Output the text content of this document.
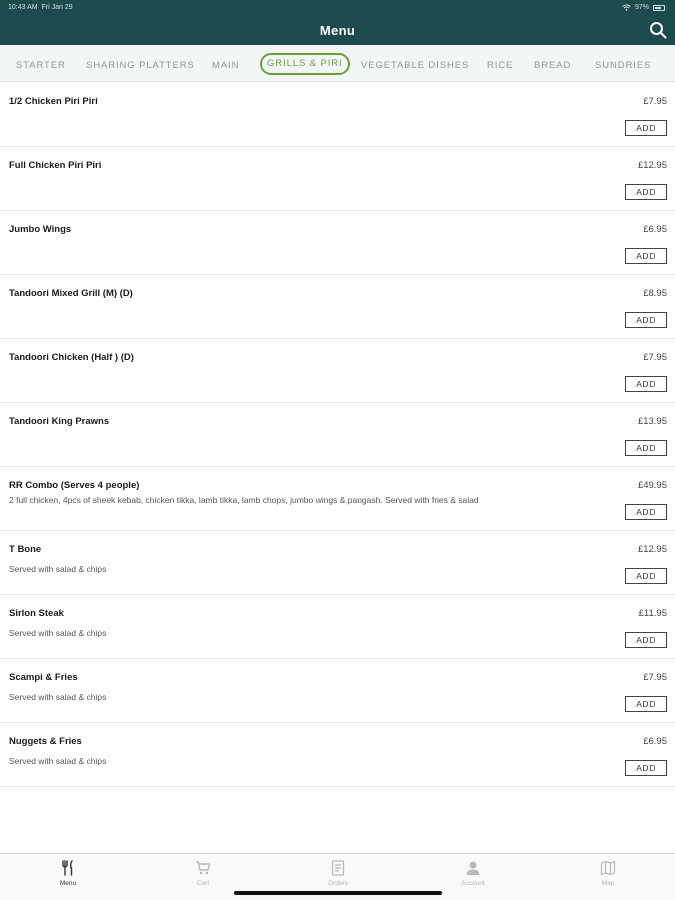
10:43 AM Fri Jan 29	97%
Menu
STARTER SHARING PLATTERS MAIN	VEGETABLE DISHES RICE BREAD	SUNDRIES
GRILLS & PIRI
1/2 Chicken Piri Piri	£7.95
ADD
Full Chicken Piri Piri	£12.95
ADD
Jumbo Wings	£6.95
ADD
Tandoori Mixed Grill (M) (D)	£8.95
ADD
Tandoori Chicken (Half ) (D)	£7.95
ADD
Tandoori King Prawns	£13.95
ADD
RR Combo (Serves 4 people)
2 full chicken, 4pcs of sheek kebab, chicken tikka, lamb tikka, lamb chops, jumbo wings & pangash. Served with fries & salad
£49.95
ADD
T Bone
Served with salad & chips
£12.95
ADD
Sirlon Steak
Served with salad & chips
£11.95
ADD
Scampi & Fries
Served with salad & chips
£7.95
ADD
Nuggets & Fries
Served with salad & chips
£6.95
ADD
Menu	Cart	Orders	Account	Map
